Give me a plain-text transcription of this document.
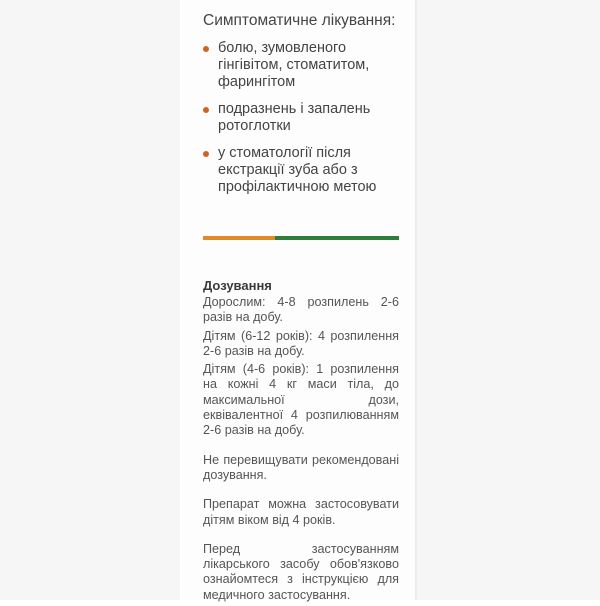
Симптоматичне лікування:
болю, зумовленого гінгівітом, стоматитом, фарингітом
подразнень і запалень ротоглотки
у стоматології після екстракції зуба або з профілактичною метою
Дозування

Дорослим: 4-8 розпилень 2-6 разів на добу.

Дітям (6-12 років): 4 розпилення 2-6 разів на добу.

Дітям (4-6 років): 1 розпилення на кожні 4 кг маси тіла, до максимальної дози, еквівалентної 4 розпилюванням 2-6 разів на добу.

Не перевищувати рекомендовані дозування.

Препарат можна застосовувати дітям віком від 4 років.

Перед застосуванням лікарського засобу обов'язково ознайомтеся з інструкцією для медичного застосування.
